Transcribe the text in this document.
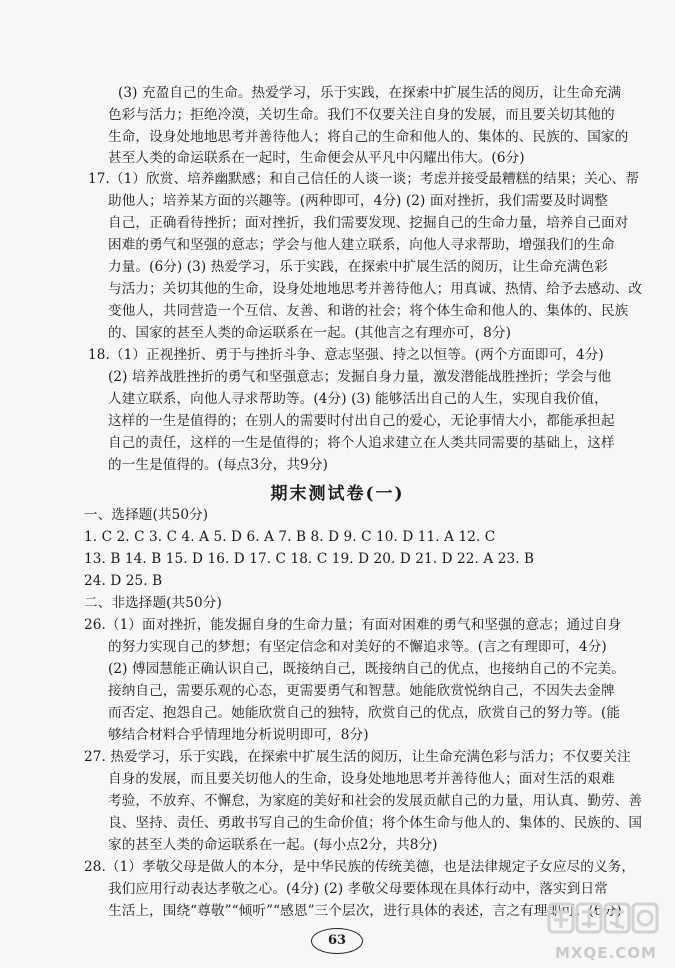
(3) 充盈自己的生命。热爱学习，乐于实践，在探索中扩展生活的阅历，让生命充满
色彩与活力；拒绝冷漠，关切生命。我们不仅要关注自身的发展，而且要关切其他的
生命，设身处地地思考并善待他人；将自己的生命和他人的、集体的、民族的、国家的
甚至人类的命运联系在一起时，生命便会从平凡中闪耀出伟大。(6分)
17.（1）欣赏、培养幽默感；和自己信任的人谈一谈；考虑并接受最糟糕的结果；关心、帮
助他人；培养某方面的兴趣等。(两种即可，4分) (2) 面对挫折，我们需要及时调整
自己，正确看待挫折；面对挫折，我们需要发现、挖掘自己的生命力量，培养自己面对
困难的勇气和坚强的意志；学会与他人建立联系，向他人寻求帮助，增强我们的生命
力量。(6分) (3) 热爱学习，乐于实践，在探索中扩展生活的阅历，让生命充满色彩
与活力；关切其他的生命，设身处地地思考并善待他人；用真诚、热情、给予去感动、改
变他人，共同营造一个互信、友善、和谐的社会；将个体生命和他人的、集体的、民族
的、国家的甚至人类的命运联系在一起。(其他言之有理亦可，8分)
18.（1）正视挫折、勇于与挫折斗争、意志坚强、持之以恒等。(两个方面即可，4分)
(2) 培养战胜挫折的勇气和坚强意志；发掘自身力量，激发潜能战胜挫折；学会与他
人建立联系，向他人寻求帮助等。(4分) (3) 能够活出自己的人生，实现自我价值，
这样的一生是值得的；在别人的需要时付出自己的爱心，无论事情大小，都能承担起
自己的责任，这样的一生是值得的；将个人追求建立在人类共同需要的基础上，这样
的一生是值得的。(每点3分，共9分)
期末测试卷(一)
一、选择题(共50分)
1. C 2. C 3. C 4. A 5. D 6. A 7. B 8. D 9. C 10. D 11. A 12. C
13. B 14. B 15. D 16. D 17. C 18. C 19. D 20. D 21. D 22. A 23. B
24. D 25. B
二、非选择题(共50分)
26.（1）面对挫折，能发掘自身的生命力量；有面对困难的勇气和坚强的意志；通过自身
的努力实现自己的梦想；有坚定信念和对美好的不懈追求等。(言之有理即可，4分)
(2) 傅园慧能正确认识自己，既接纳自己，既接纳自己的优点，也接纳自己的不完美。
接纳自己，需要乐观的心态，更需要勇气和智慧。她能欣赏悦纳自己，不因失去金牌
而否定、抱怨自己。她能欣赏自己的独特，欣赏自己的优点，欣赏自己的努力等。(能
够结合材料合乎情理地分析说明即可，8分)
27. 热爱学习，乐于实践，在探索中扩展生活的阅历，让生命充满色彩与活力；不仅要关注
自身的发展，而且要关切他人的生命，设身处地地思考并善待他人；面对生活的艰难
考验，不放弃、不懈怠，为家庭的美好和社会的发展贡献自己的力量，用认真、勤劳、善
良、坚持、责任、勇敢书写自己的生命价值；将个体生命与他人的、集体的、民族的、国
家的甚至人类的命运联系在一起。(每小点2分，共8分)
28.（1）孝敬父母是做人的本分，是中华民族的传统美德，也是法律规定子女应尽的义务，
我们应用行动表达孝敬之心。(4分) (2) 孝敬父母要体现在具体行动中，落实到日常
生活上，围绕“尊敬”“倾听”“感恩”三个层次，进行具体的表述，言之有理即可。(6分)
63
MXQE.COM
